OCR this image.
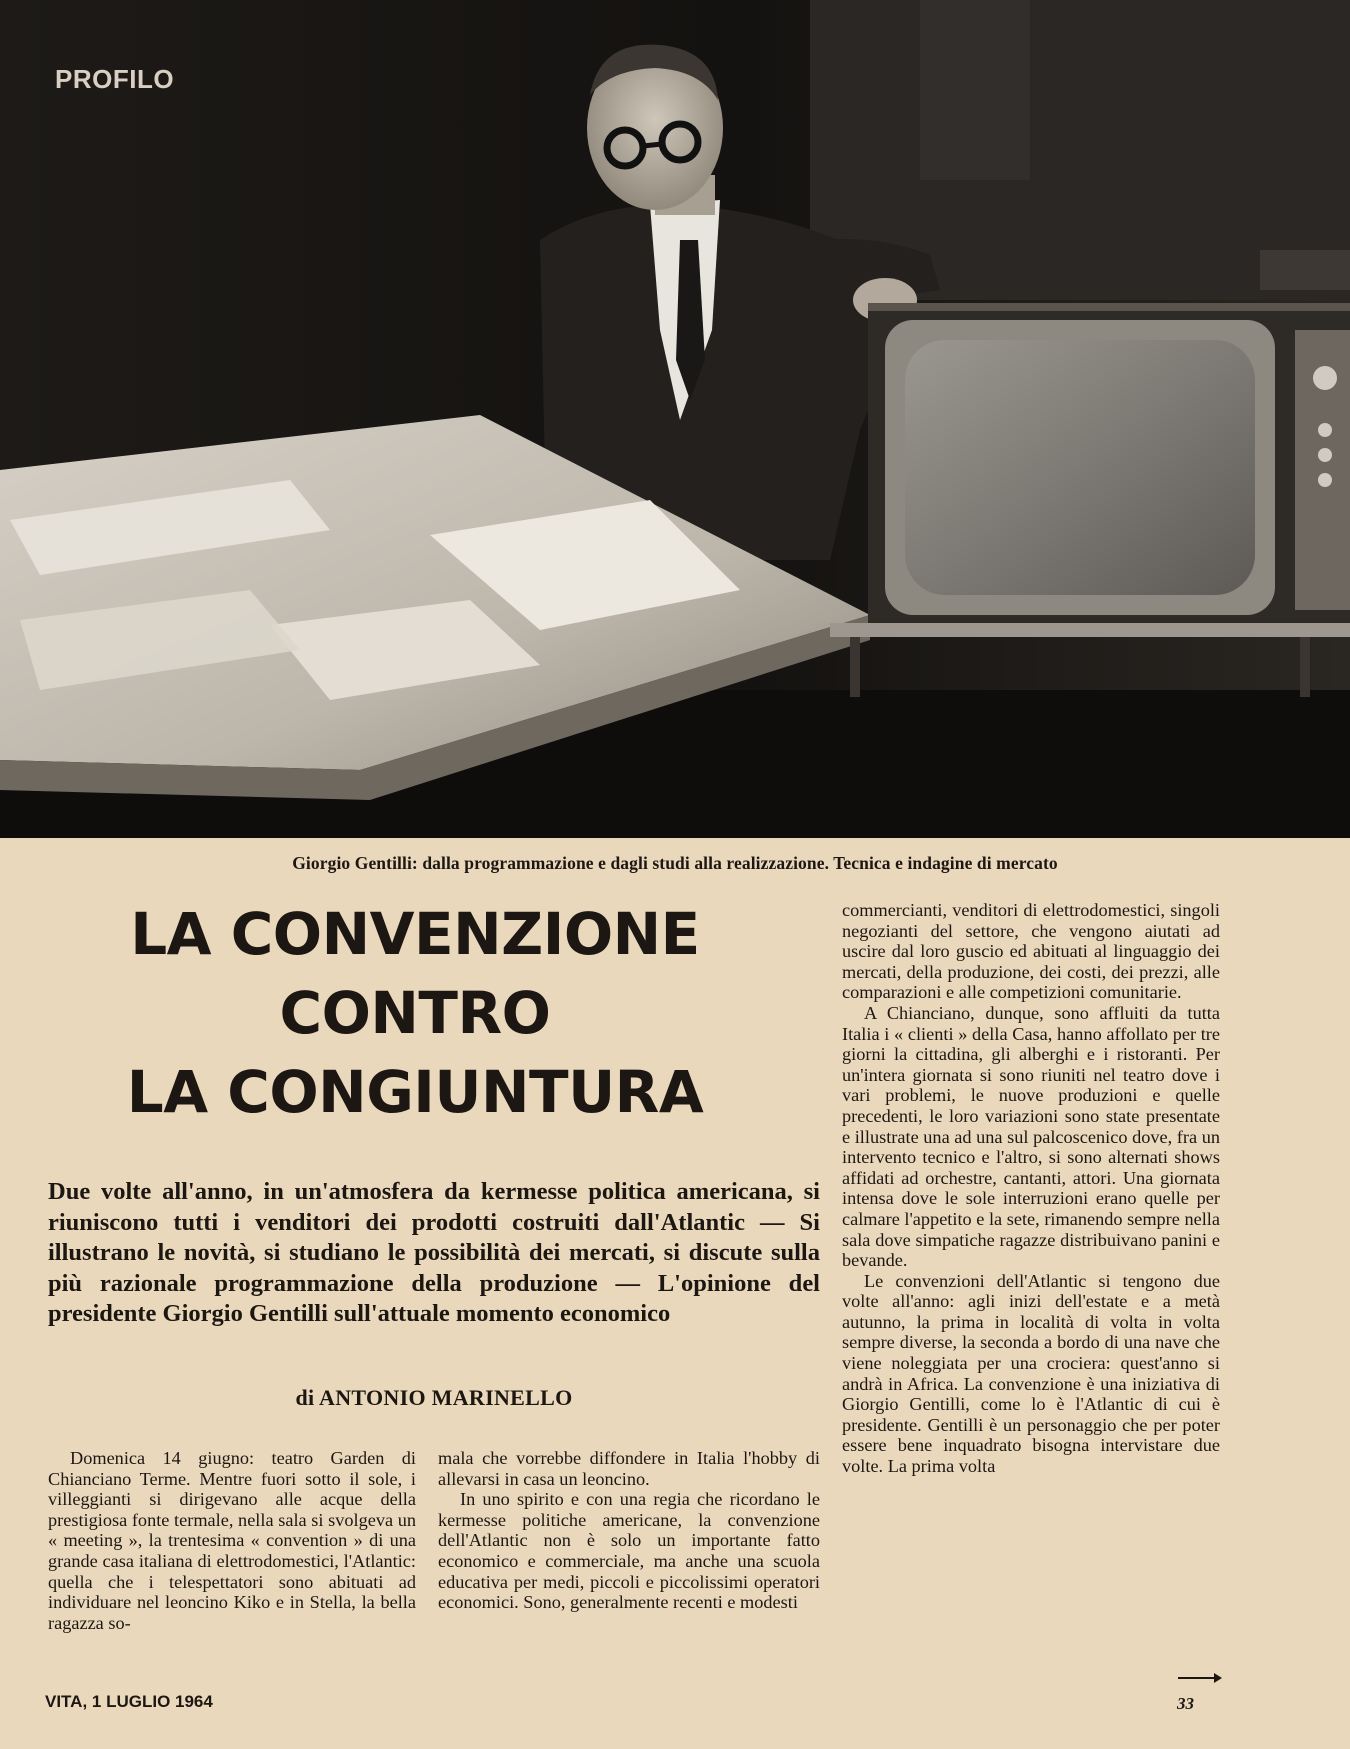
PROFILO
Giorgio Gentilli: dalla programmazione e dagli studi alla realizzazione. Tecnica e indagine di mercato
LA CONVENZIONE
CONTRO
LA CONGIUNTURA

Due volte all'anno, in un'atmosfera da kermesse politica americana, si riuniscono tutti i venditori dei prodotti costruiti dall'Atlantic — Si illustrano le novità, si studiano le possibilità dei mercati, si discute sulla più razionale programmazione della produzione — L'opinione del presidente Giorgio Gentilli sull'attuale momento economico

di ANTONIO MARINELLO

Domenica 14 giugno: teatro Garden di Chianciano Terme. Mentre fuori sotto il sole, i villeggianti si dirigevano alle acque della prestigiosa fonte termale, nella sala si svolgeva un « meeting », la trentesima « convention » di una grande casa italiana di elettrodomestici, l'Atlantic: quella che i telespettatori sono abituati ad individuare nel leoncino Kiko e in Stella, la bella ragazza so-

mala che vorrebbe diffondere in Italia l'hobby di allevarsi in casa un leoncino.

In uno spirito e con una regia che ricordano le kermesse politiche americane, la convenzione dell'Atlantic non è solo un importante fatto economico e commerciale, ma anche una scuola educativa per medi, piccoli e piccolissimi operatori economici. Sono, generalmente recenti e modesti

commercianti, venditori di elettrodomestici, singoli negozianti del settore, che vengono aiutati ad uscire dal loro guscio ed abituati al linguaggio dei mercati, della produzione, dei costi, dei prezzi, alle comparazioni e alle competizioni comunitarie.

A Chianciano, dunque, sono affluiti da tutta Italia i « clienti » della Casa, hanno affollato per tre giorni la cittadina, gli alberghi e i ristoranti. Per un'intera giornata si sono riuniti nel teatro dove i vari problemi, le nuove produzioni e quelle precedenti, le loro variazioni sono state presentate e illustrate una ad una sul palcoscenico dove, fra un intervento tecnico e l'altro, si sono alternati shows affidati ad orchestre, cantanti, attori. Una giornata intensa dove le sole interruzioni erano quelle per calmare l'appetito e la sete, rimanendo sempre nella sala dove simpatiche ragazze distribuivano panini e bevande.

Le convenzioni dell'Atlantic si tengono due volte all'anno: agli inizi dell'estate e a metà autunno, la prima in località di volta in volta sempre diverse, la seconda a bordo di una nave che viene noleggiata per una crociera: quest'anno si andrà in Africa. La convenzione è una iniziativa di Giorgio Gentilli, come lo è l'Atlantic di cui è presidente. Gentilli è un personaggio che per poter essere bene inquadrato bisogna intervistare due volte. La prima volta

VITA, 1 LUGLIO 1964	33
